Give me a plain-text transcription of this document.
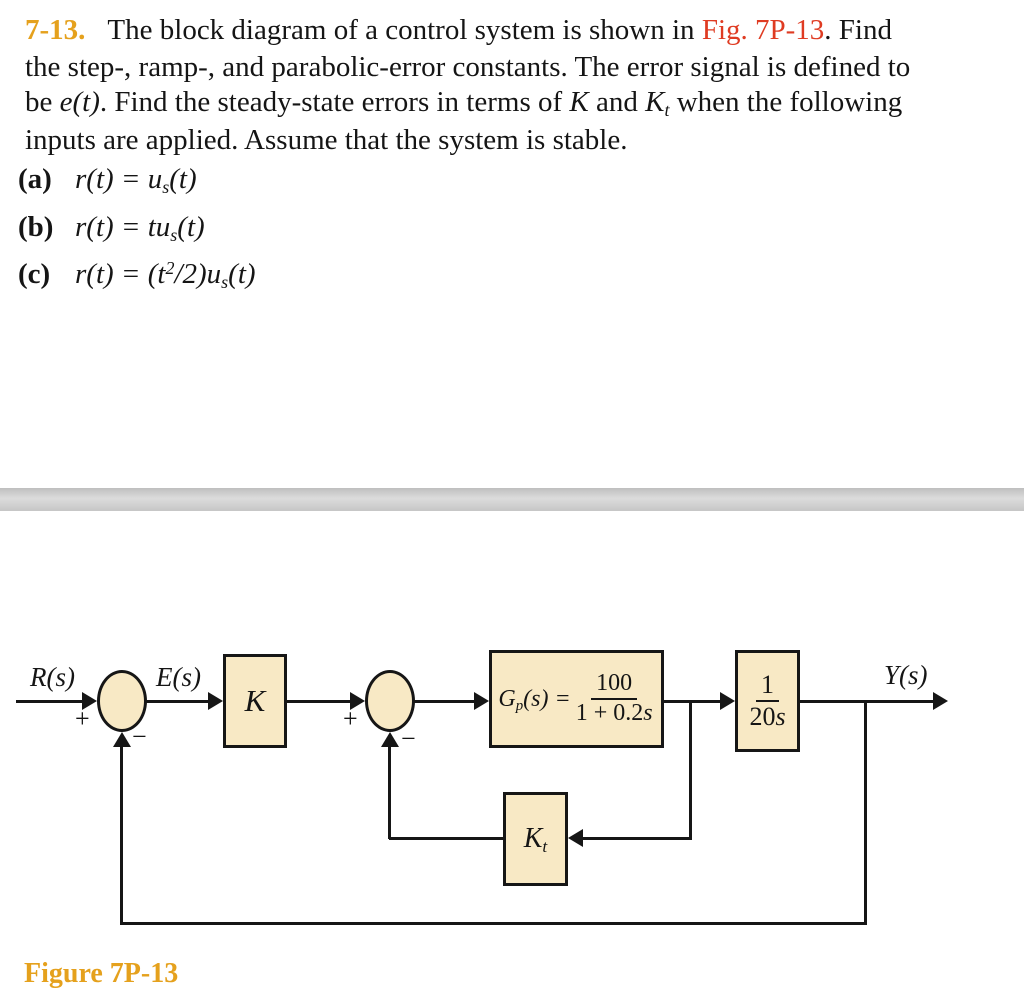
7-13. The block diagram of a control system is shown in Fig. 7P-13. Find
the step-, ramp-, and parabolic-error constants. The error signal is defined to
be e(t). Find the steady-state errors in terms of K and $K_t$ when the following
inputs are applied. Assume that the system is stable.
(a) $r(t) = u_s(t)$
(b) $r(t) = tu_s(t)$
(c) $r(t) = (t^2/2)u_s(t)$
K	$G_p(s) = \frac{100}{1 + 0.2s}$	$\frac{1}{20s}$
$K_t$
R(s)	E(s)	Y(s)
+
−
+
−
Figure 7P-13
